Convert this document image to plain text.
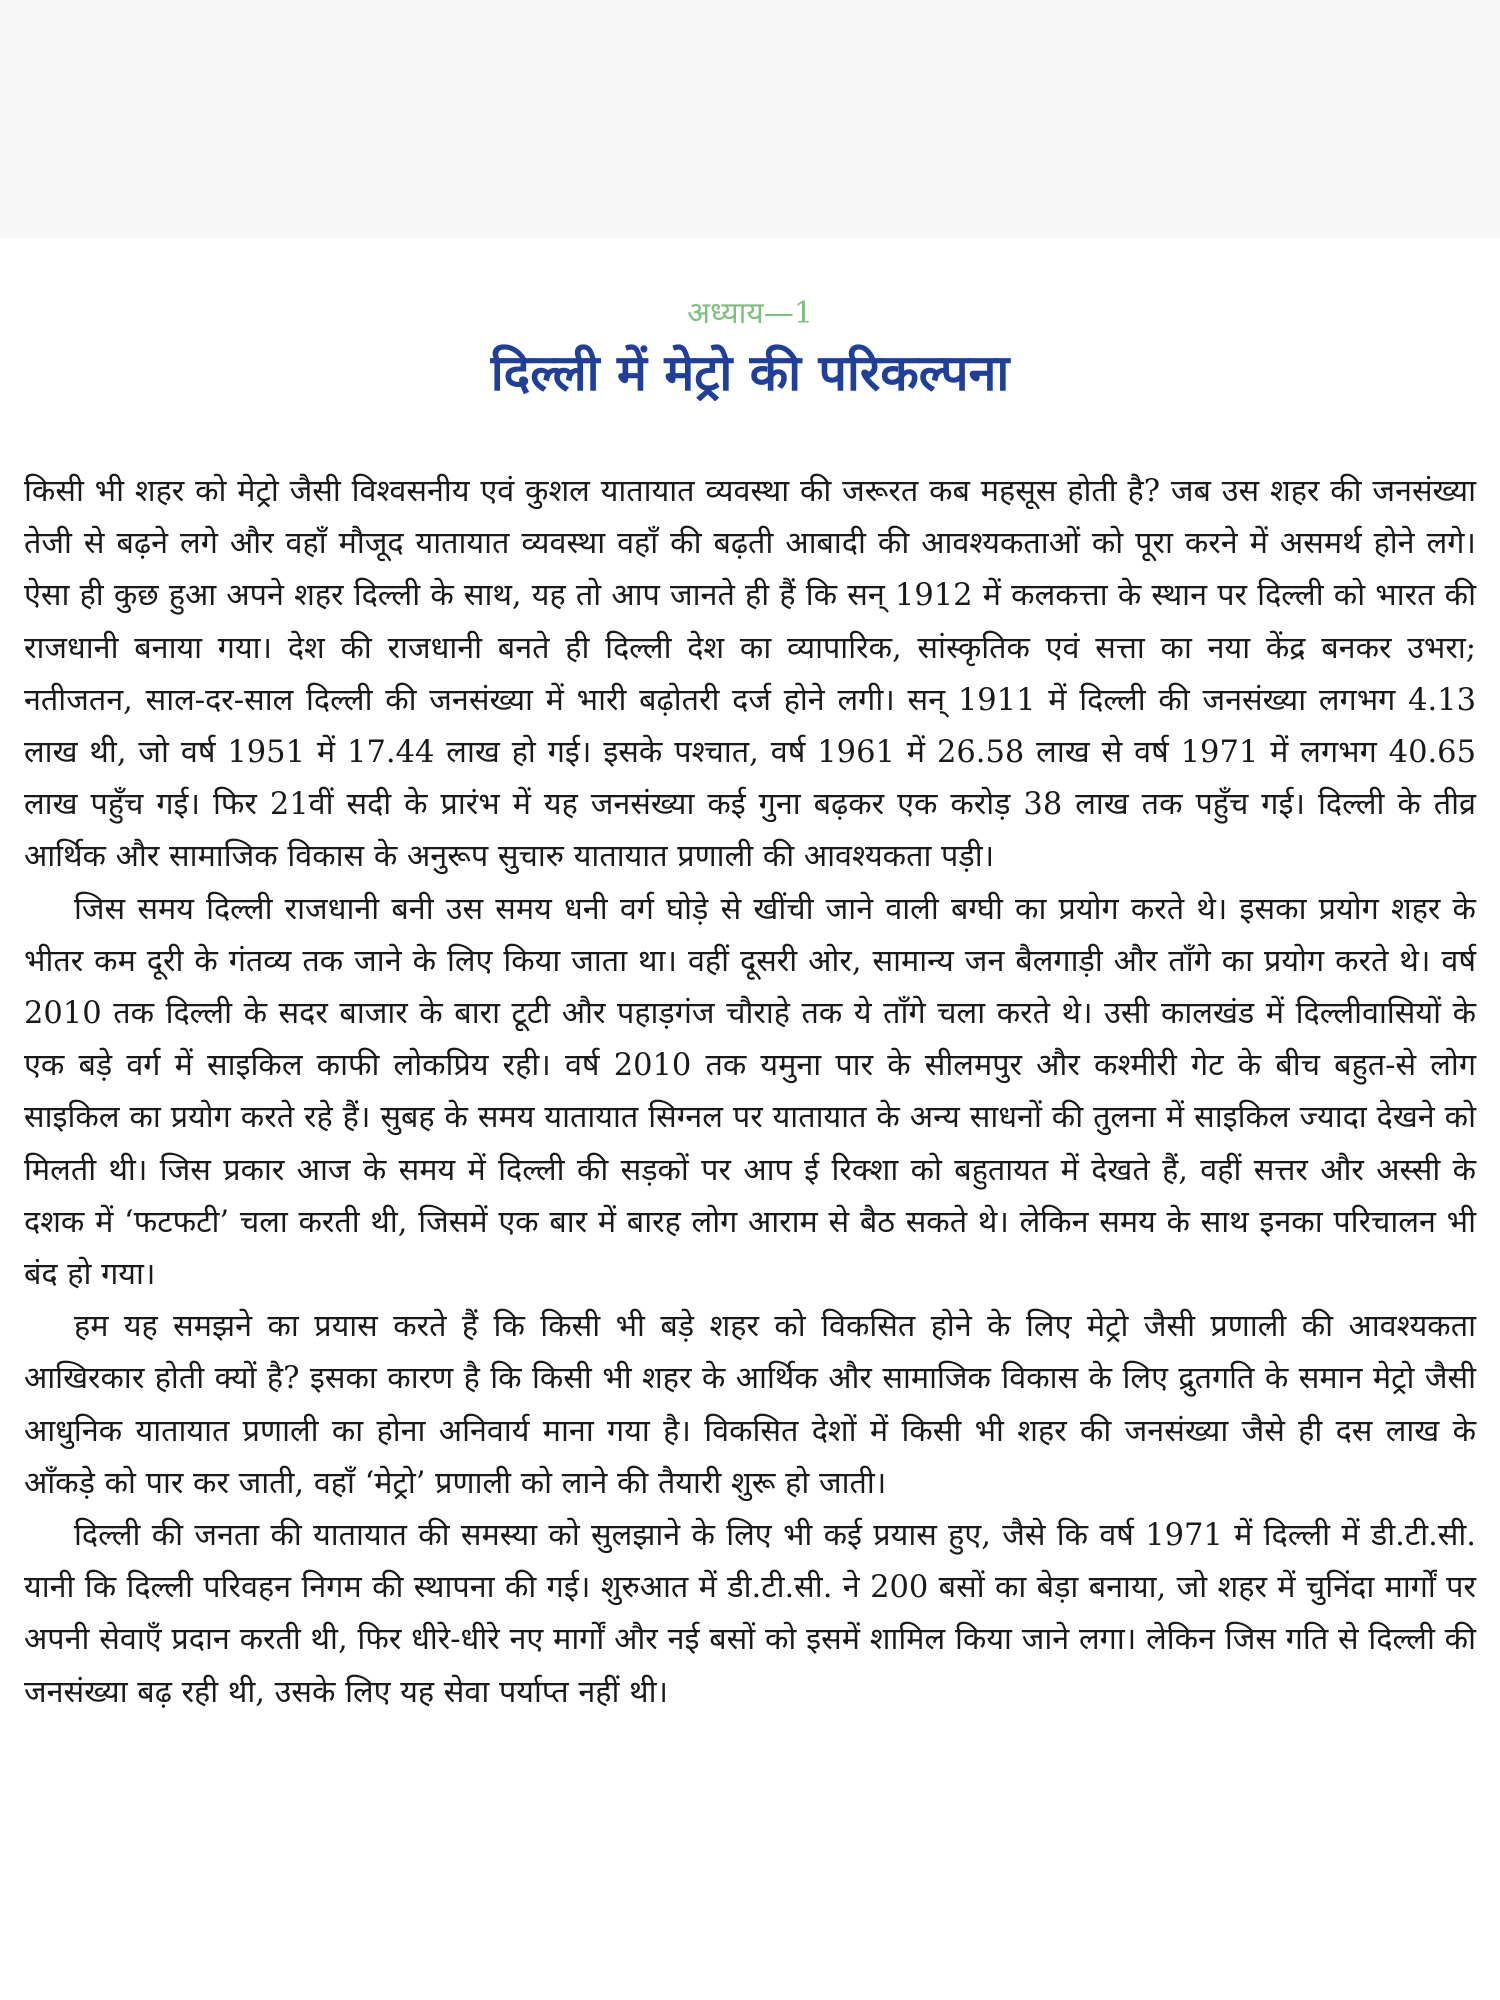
अध्याय—1
दिल्ली में मेट्रो की परिकल्पना

किसी भी शहर को मेट्रो जैसी विश्वसनीय एवं कुशल यातायात व्यवस्था की जरूरत कब महसूस होती है? जब उस शहर की जनसंख्या तेजी से बढ़ने लगे और वहाँ मौजूद यातायात व्यवस्था वहाँ की बढ़ती आबादी की आवश्यकताओं को पूरा करने में असमर्थ होने लगे। ऐसा ही कुछ हुआ अपने शहर दिल्ली के साथ, यह तो आप जानते ही हैं कि सन् 1912 में कलकत्ता के स्थान पर दिल्ली को भारत की राजधानी बनाया गया। देश की राजधानी बनते ही दिल्ली देश का व्यापारिक, सांस्कृतिक एवं सत्ता का नया केंद्र बनकर उभरा; नतीजतन, साल-दर-साल दिल्ली की जनसंख्या में भारी बढ़ोतरी दर्ज होने लगी। सन् 1911 में दिल्ली की जनसंख्या लगभग 4.13 लाख थी, जो वर्ष 1951 में 17.44 लाख हो गई। इसके पश्चात, वर्ष 1961 में 26.58 लाख से वर्ष 1971 में लगभग 40.65 लाख पहुँच गई। फिर 21वीं सदी के प्रारंभ में यह जनसंख्या कई गुना बढ़कर एक करोड़ 38 लाख तक पहुँच गई। दिल्ली के तीव्र आर्थिक और सामाजिक विकास के अनुरूप सुचारु यातायात प्रणाली की आवश्यकता पड़ी।

जिस समय दिल्ली राजधानी बनी उस समय धनी वर्ग घोड़े से खींची जाने वाली बग्घी का प्रयोग करते थे। इसका प्रयोग शहर के भीतर कम दूरी के गंतव्य तक जाने के लिए किया जाता था। वहीं दूसरी ओर, सामान्य जन बैलगाड़ी और ताँगे का प्रयोग करते थे। वर्ष 2010 तक दिल्ली के सदर बाजार के बारा टूटी और पहाड़गंज चौराहे तक ये ताँगे चला करते थे। उसी कालखंड में दिल्लीवासियों के एक बड़े वर्ग में साइकिल काफी लोकप्रिय रही। वर्ष 2010 तक यमुना पार के सीलमपुर और कश्मीरी गेट के बीच बहुत-से लोग साइकिल का प्रयोग करते रहे हैं। सुबह के समय यातायात सिग्नल पर यातायात के अन्य साधनों की तुलना में साइकिल ज्यादा देखने को मिलती थी। जिस प्रकार आज के समय में दिल्ली की सड़कों पर आप ई रिक्शा को बहुतायत में देखते हैं, वहीं सत्तर और अस्सी के दशक में ‘फटफटी’ चला करती थी, जिसमें एक बार में बारह लोग आराम से बैठ सकते थे। लेकिन समय के साथ इनका परिचालन भी बंद हो गया।

हम यह समझने का प्रयास करते हैं कि किसी भी बड़े शहर को विकसित होने के लिए मेट्रो जैसी प्रणाली की आवश्यकता आखिरकार होती क्यों है? इसका कारण है कि किसी भी शहर के आर्थिक और सामाजिक विकास के लिए द्रुतगति के समान मेट्रो जैसी आधुनिक यातायात प्रणाली का होना अनिवार्य माना गया है। विकसित देशों में किसी भी शहर की जनसंख्या जैसे ही दस लाख के आँकड़े को पार कर जाती, वहाँ ‘मेट्रो’ प्रणाली को लाने की तैयारी शुरू हो जाती।

दिल्ली की जनता की यातायात की समस्या को सुलझाने के लिए भी कई प्रयास हुए, जैसे कि वर्ष 1971 में दिल्ली में डी.टी.सी. यानी कि दिल्ली परिवहन निगम की स्थापना की गई। शुरुआत में डी.टी.सी. ने 200 बसों का बेड़ा बनाया, जो शहर में चुनिंदा मार्गों पर अपनी सेवाएँ प्रदान करती थी, फिर धीरे-धीरे नए मार्गों और नई बसों को इसमें शामिल किया जाने लगा। लेकिन जिस गति से दिल्ली की जनसंख्या बढ़ रही थी, उसके लिए यह सेवा पर्याप्त नहीं थी।
